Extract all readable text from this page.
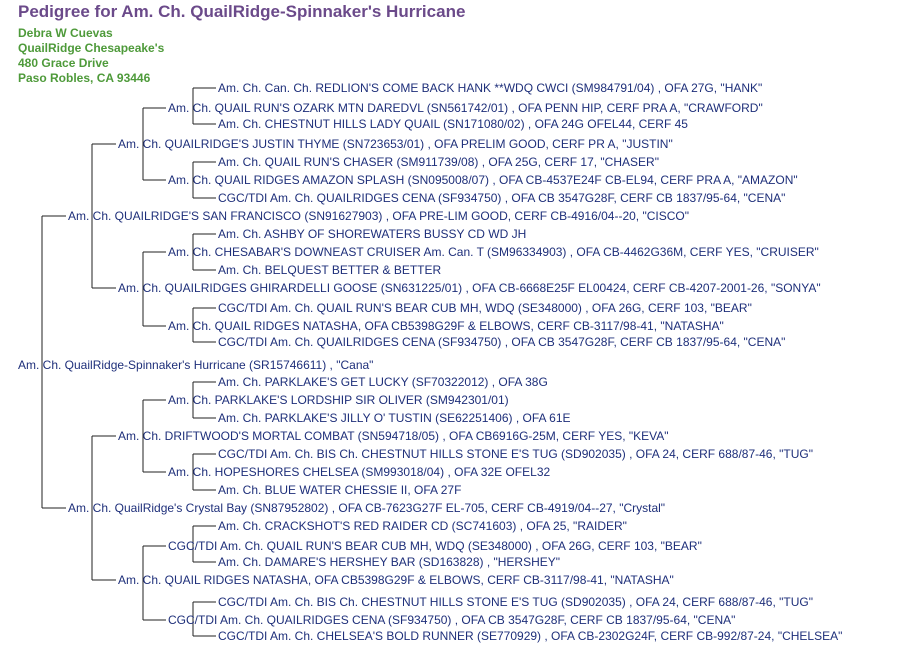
Pedigree for Am. Ch. QuailRidge-Spinnaker's Hurricane
Debra W Cuevas
QuailRidge Chesapeake's
480 Grace Drive
Paso Robles, CA 93446
Am. Ch. QuailRidge-Spinnaker's Hurricane (SR15746611) , "Cana"
Am. Ch. QUAILRIDGE'S SAN FRANCISCO (SN91627903) , OFA PRE-LIM GOOD, CERF CB-4916/04--20, "CISCO"
Am. Ch. QUAILRIDGE'S JUSTIN THYME (SN723653/01) , OFA PRELIM GOOD, CERF PR A, "JUSTIN"
Am. Ch. QUAIL RUN'S OZARK MTN DAREDVL (SN561742/01) , OFA PENN HIP, CERF PRA A, "CRAWFORD"
Am. Ch. Can. Ch. REDLION'S COME BACK HANK **WDQ CWCI (SM984791/04) , OFA 27G, "HANK"
Am. Ch. CHESTNUT HILLS LADY QUAIL (SN171080/02) , OFA 24G OFEL44, CERF 45
Am. Ch. QUAIL RIDGES AMAZON SPLASH (SN095008/07) , OFA CB-4537E24F CB-EL94, CERF PRA A, "AMAZON"
Am. Ch. QUAIL RUN'S CHASER (SM911739/08) , OFA 25G, CERF 17, "CHASER"
CGC/TDI Am. Ch. QUAILRIDGES CENA (SF934750) , OFA CB 3547G28F, CERF CB 1837/95-64, "CENA"
Am. Ch. QUAILRIDGES GHIRARDELLI GOOSE (SN631225/01) , OFA CB-6668E25F EL00424, CERF CB-4207-2001-26, "SONYA"
Am. Ch. CHESABAR'S DOWNEAST CRUISER Am. Can. T (SM96334903) , OFA CB-4462G36M, CERF YES, "CRUISER"
Am. Ch. ASHBY OF SHOREWATERS BUSSY CD WD JH
Am. Ch. BELQUEST BETTER & BETTER
Am. Ch. QUAIL RIDGES NATASHA, OFA CB5398G29F & ELBOWS, CERF CB-3117/98-41, "NATASHA"
CGC/TDI Am. Ch. QUAIL RUN'S BEAR CUB MH, WDQ (SE348000) , OFA 26G, CERF 103, "BEAR"
CGC/TDI Am. Ch. QUAILRIDGES CENA (SF934750) , OFA CB 3547G28F, CERF CB 1837/95-64, "CENA"
Am. Ch. QuailRidge's Crystal Bay (SN87952802) , OFA CB-7623G27F EL-705, CERF CB-4919/04--27, "Crystal"
Am. Ch. DRIFTWOOD'S MORTAL COMBAT (SN594718/05) , OFA CB6916G-25M, CERF YES, "KEVA"
Am. Ch. PARKLAKE'S LORDSHIP SIR OLIVER (SM942301/01)
Am. Ch. PARKLAKE'S GET LUCKY (SF70322012) , OFA 38G
Am. Ch. PARKLAKE'S JILLY O' TUSTIN (SE62251406) , OFA 61E
Am. Ch. HOPESHORES CHELSEA (SM993018/04) , OFA 32E OFEL32
CGC/TDI Am. Ch. BIS Ch. CHESTNUT HILLS STONE E'S TUG (SD902035) , OFA 24, CERF 688/87-46, "TUG"
Am. Ch. BLUE WATER CHESSIE II, OFA 27F
Am. Ch. QUAIL RIDGES NATASHA, OFA CB5398G29F & ELBOWS, CERF CB-3117/98-41, "NATASHA"
CGC/TDI Am. Ch. QUAIL RUN'S BEAR CUB MH, WDQ (SE348000) , OFA 26G, CERF 103, "BEAR"
Am. Ch. CRACKSHOT'S RED RAIDER CD (SC741603) , OFA 25, "RAIDER"
Am. Ch. DAMARE'S HERSHEY BAR (SD163828) , "HERSHEY"
CGC/TDI Am. Ch. QUAILRIDGES CENA (SF934750) , OFA CB 3547G28F, CERF CB 1837/95-64, "CENA"
CGC/TDI Am. Ch. BIS Ch. CHESTNUT HILLS STONE E'S TUG (SD902035) , OFA 24, CERF 688/87-46, "TUG"
CGC/TDI Am. Ch. CHELSEA'S BOLD RUNNER (SE770929) , OFA CB-2302G24F, CERF CB-992/87-24, "CHELSEA"
